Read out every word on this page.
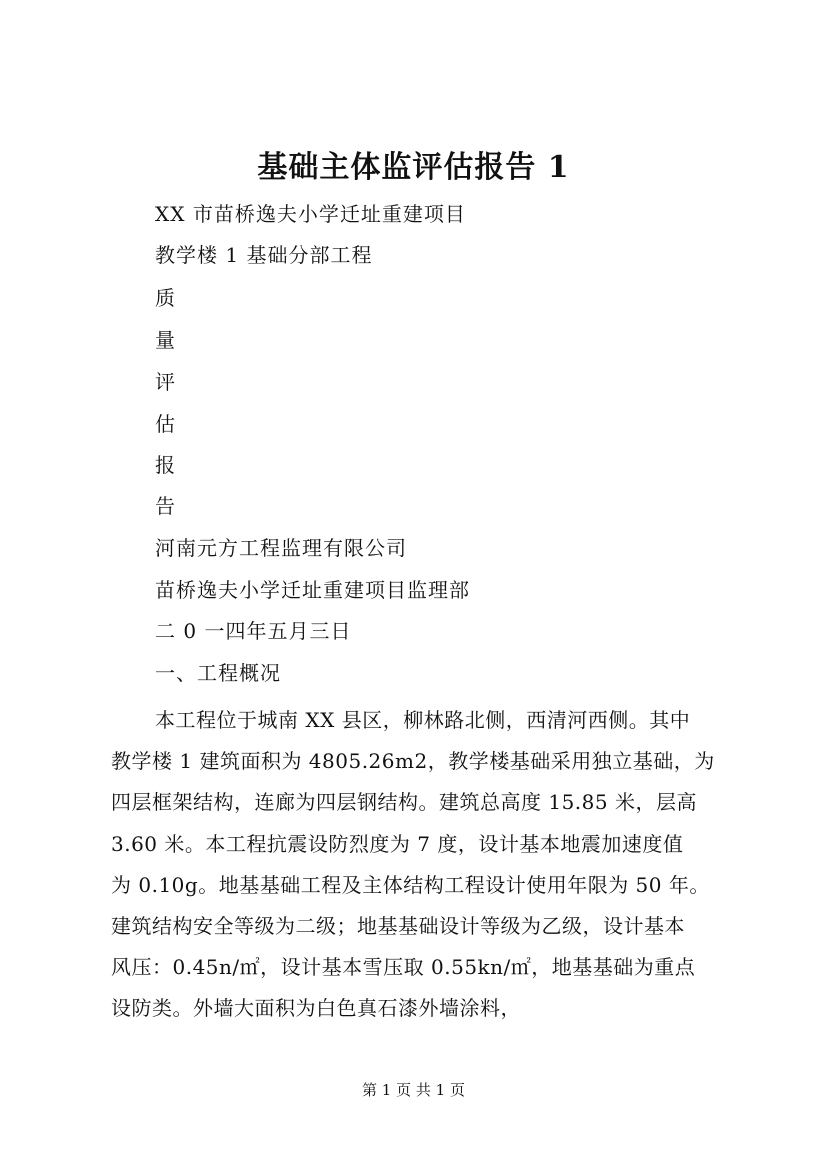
基础主体监评估报告 1
XX 市苗桥逸夫小学迁址重建项目
教学楼 1 基础分部工程
质
量
评
估
报
告
河南元方工程监理有限公司
苗桥逸夫小学迁址重建项目监理部
二 0 一四年五月三日
一、工程概况
本工程位于城南 XX 县区，柳林路北侧，西清河西侧。其中
教学楼 1 建筑面积为 4805.26m2，教学楼基础采用独立基础，为
四层框架结构，连廊为四层钢结构。建筑总高度 15.85 米，层高
3.60 米。本工程抗震设防烈度为 7 度，设计基本地震加速度值
为 0.10g。地基基础工程及主体结构工程设计使用年限为 50 年。
建筑结构安全等级为二级；地基基础设计等级为乙级，设计基本
风压：0.45n/㎡，设计基本雪压取 0.55kn/㎡，地基基础为重点
设防类。外墙大面积为白色真石漆外墙涂料，
第 1 页 共 1 页
